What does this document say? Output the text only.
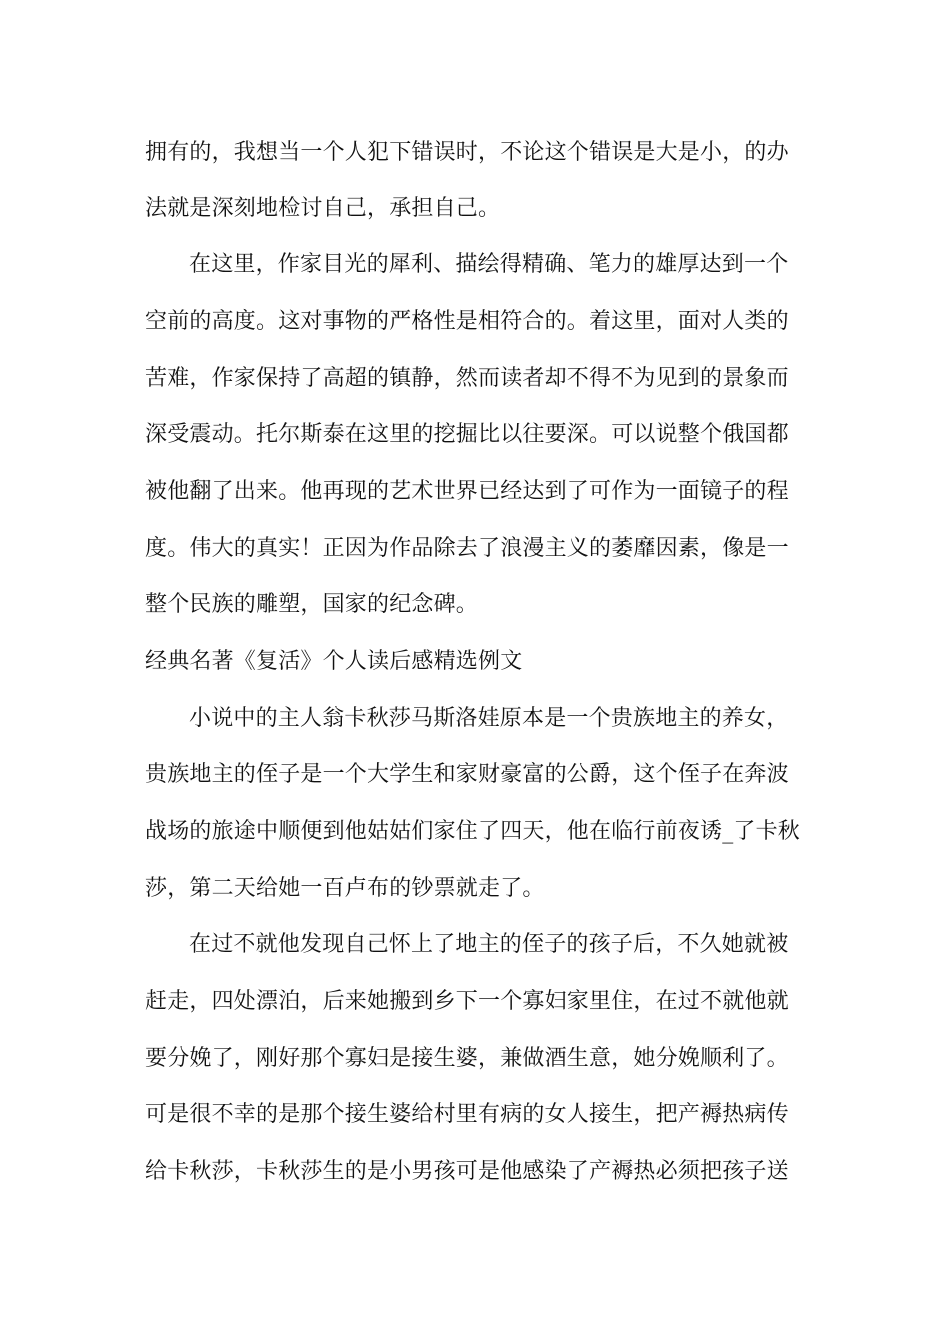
拥有的，我想当一个人犯下错误时，不论这个错误是大是小，的办
法就是深刻地检讨自己，承担自己。
在这里，作家目光的犀利、描绘得精确、笔力的雄厚达到一个
空前的高度。这对事物的严格性是相符合的。着这里，面对人类的
苦难，作家保持了高超的镇静，然而读者却不得不为见到的景象而
深受震动。托尔斯泰在这里的挖掘比以往要深。可以说整个俄国都
被他翻了出来。他再现的艺术世界已经达到了可作为一面镜子的程
度。伟大的真实！正因为作品除去了浪漫主义的萎靡因素，像是一
整个民族的雕塑，国家的纪念碑。
经典名著《复活》个人读后感精选例文
小说中的主人翁卡秋莎马斯洛娃原本是一个贵族地主的养女，
贵族地主的侄子是一个大学生和家财豪富的公爵，这个侄子在奔波
战场的旅途中顺便到他姑姑们家住了四天，他在临行前夜诱_了卡秋
莎，第二天给她一百卢布的钞票就走了。
在过不就他发现自己怀上了地主的侄子的孩子后，不久她就被
赶走，四处漂泊，后来她搬到乡下一个寡妇家里住，在过不就他就
要分娩了，刚好那个寡妇是接生婆，兼做酒生意，她分娩顺利了。
可是很不幸的是那个接生婆给村里有病的女人接生，把产褥热病传
给卡秋莎，卡秋莎生的是小男孩可是他感染了产褥热必须把孩子送
